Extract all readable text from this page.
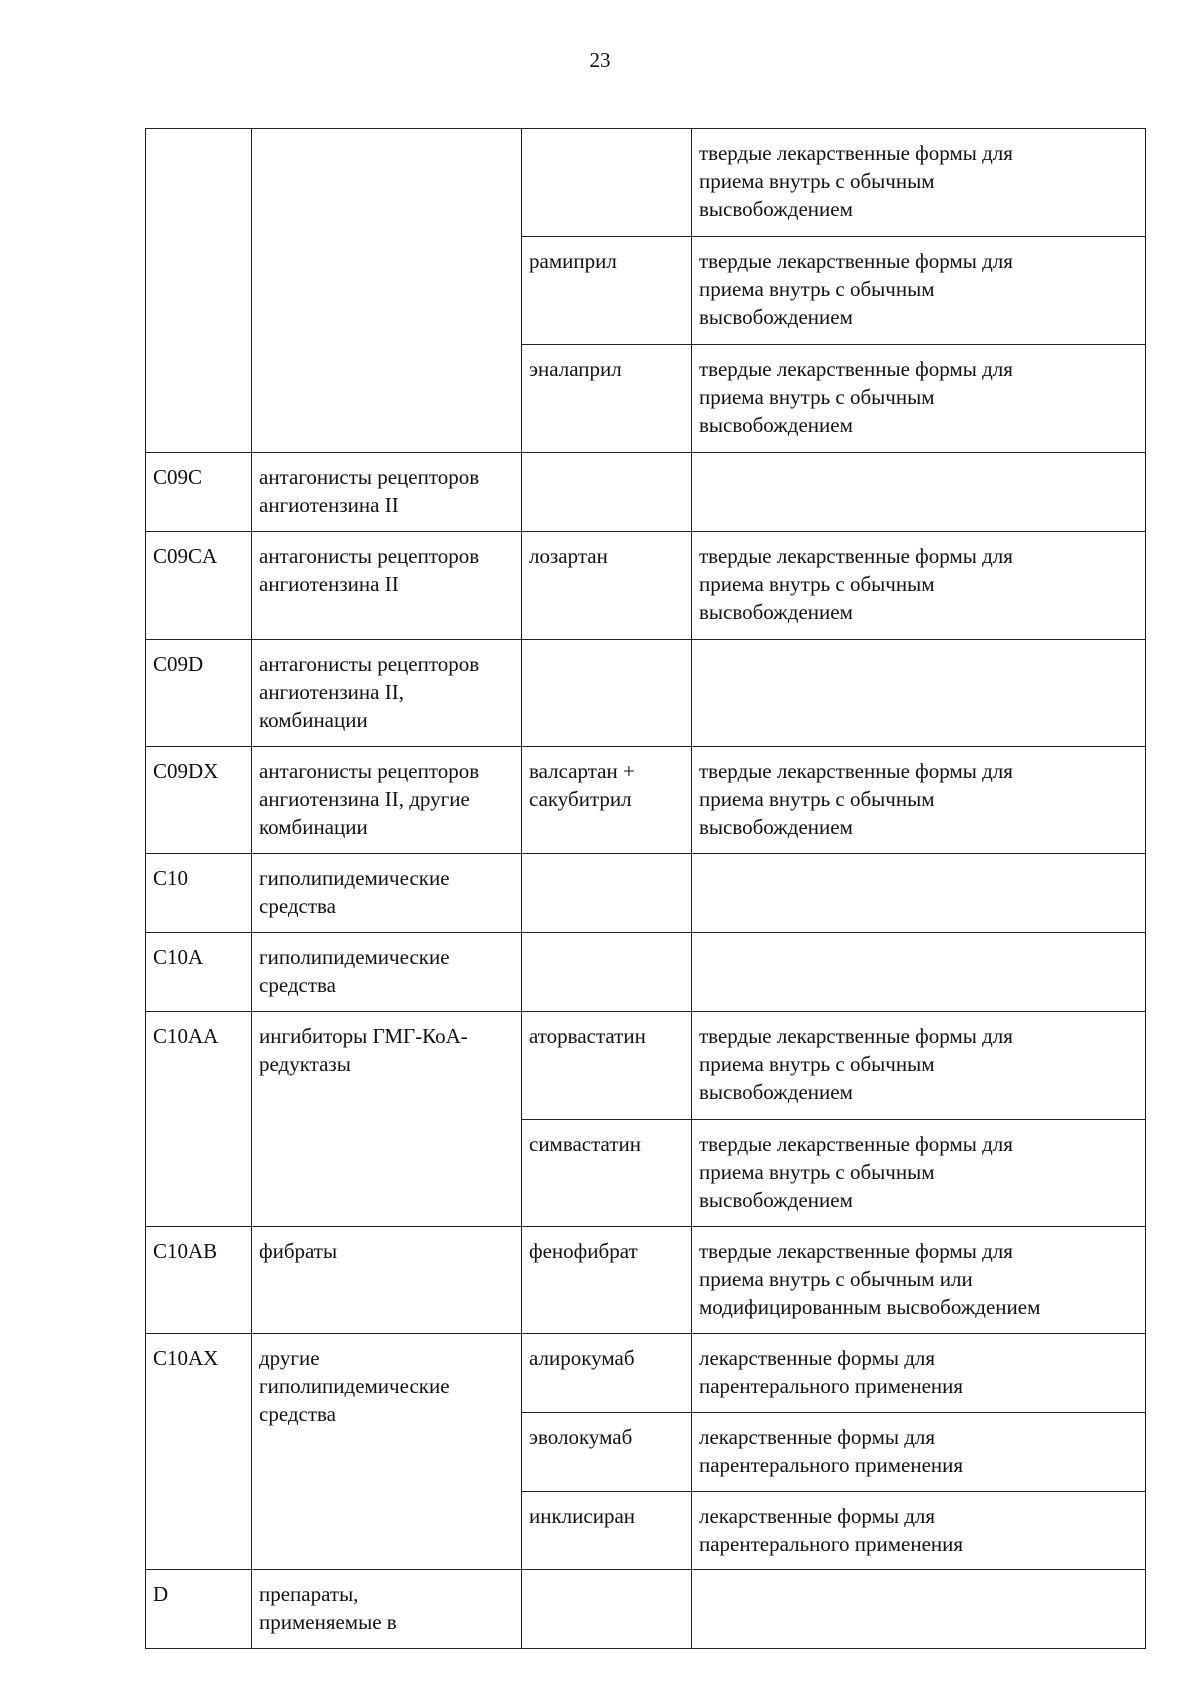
23

			твердые лекарственные формы для
приема внутрь с обычным
высвобождением

		рамиприл	твердые лекарственные формы для
приема внутрь с обычным
высвобождением

		эналаприл	твердые лекарственные формы для
приема внутрь с обычным
высвобождением

C09C	антагонисты рецепторов
ангиотензина II		

C09CA	антагонисты рецепторов
ангиотензина II	лозартан	твердые лекарственные формы для
приема внутрь с обычным
высвобождением

C09D	антагонисты рецепторов
ангиотензина II,
комбинации		

C09DX	антагонисты рецепторов
ангиотензина II, другие
комбинации	валсартан +
сакубитрил	твердые лекарственные формы для
приема внутрь с обычным
высвобождением

C10	гиполипидемические
средства		

C10A	гиполипидемические
средства		

C10AA	ингибиторы ГМГ-КоА-
редуктазы	аторвастатин	твердые лекарственные формы для
приема внутрь с обычным
высвобождением

		симвастатин	твердые лекарственные формы для
приема внутрь с обычным
высвобождением

C10AB	фибраты	фенофибрат	твердые лекарственные формы для
приема внутрь с обычным или
модифицированным высвобождением

C10AX	другие
гиполипидемические
средства	алирокумаб	лекарственные формы для
парентерального применения

		эволокумаб	лекарственные формы для
парентерального применения

		инклисиран	лекарственные формы для
парентерального применения

D	препараты,
применяемые в		
